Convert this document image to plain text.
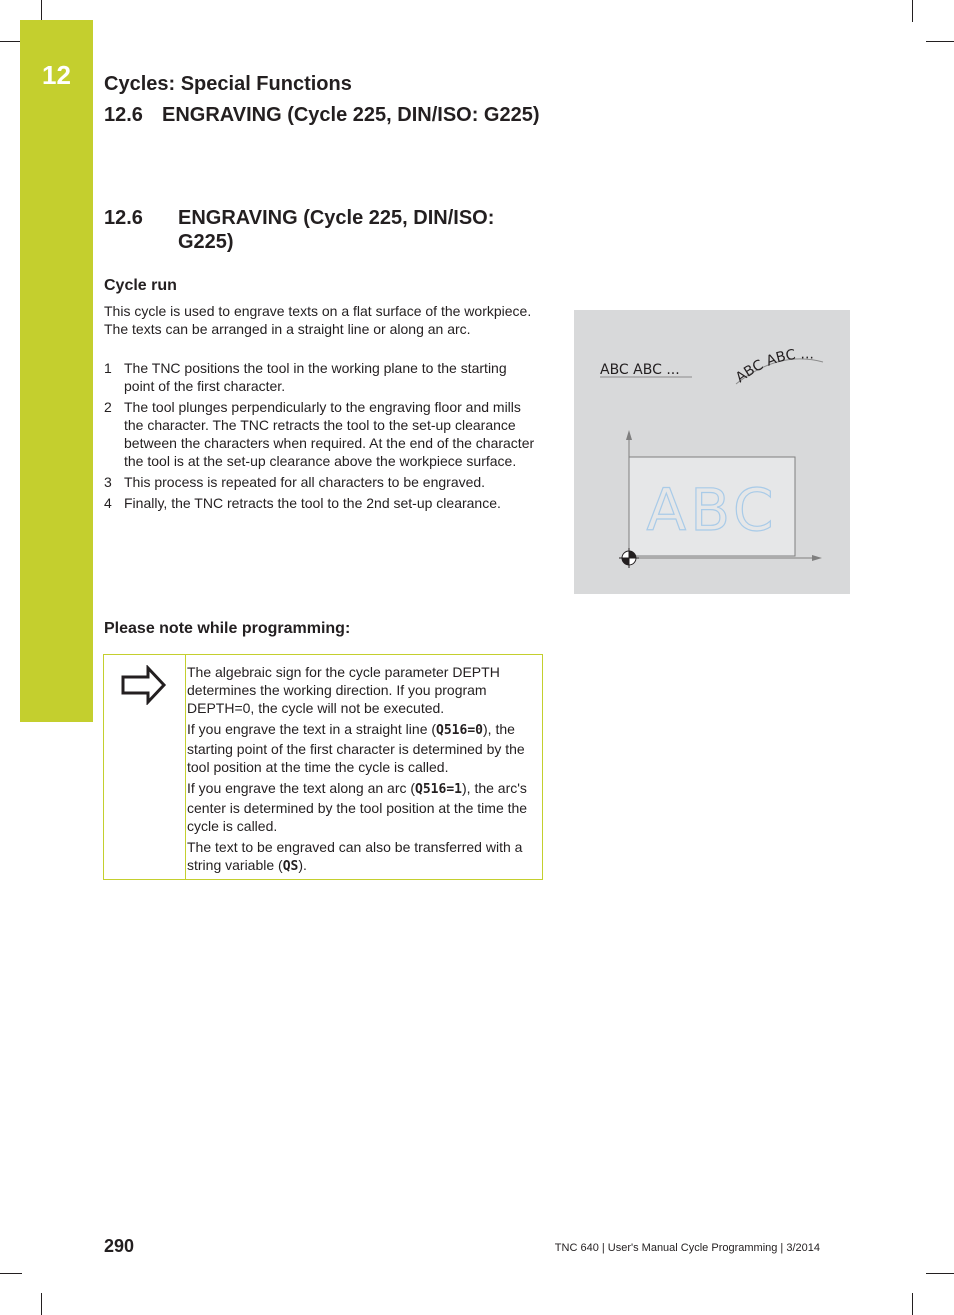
12	Cycles: Special Functions
12.6 ENGRAVING (Cycle 225, DIN/ISO: G225)
12.6 ENGRAVING (Cycle 225, DIN/ISO: G225)
Cycle run
This cycle is used to engrave texts on a flat surface of the workpiece. The texts can be arranged in a straight line or along an arc.
1 The TNC positions the tool in the working plane to the starting point of the first character.
2 The tool plunges perpendicularly to the engraving floor and mills the character. The TNC retracts the tool to the set-up clearance between the characters when required. At the end of the character the tool is at the set-up clearance above the workpiece surface.
3 This process is repeated for all characters to be engraved.
4 Finally, the TNC retracts the tool to the 2nd set-up clearance.
ABC ABC ...	ABC ABC ...
ABC
Please note while programming:

The algebraic sign for the cycle parameter DEPTH determines the working direction. If you program DEPTH=0, the cycle will not be executed.

If you engrave the text in a straight line (Q516=0), the starting point of the first character is determined by the tool position at the time the cycle is called.

If you engrave the text along an arc (Q516=1), the arc's center is determined by the tool position at the time the cycle is called.

The text to be engraved can also be transferred with a string variable (QS).

290	TNC 640 | User's Manual Cycle Programming | 3/2014
